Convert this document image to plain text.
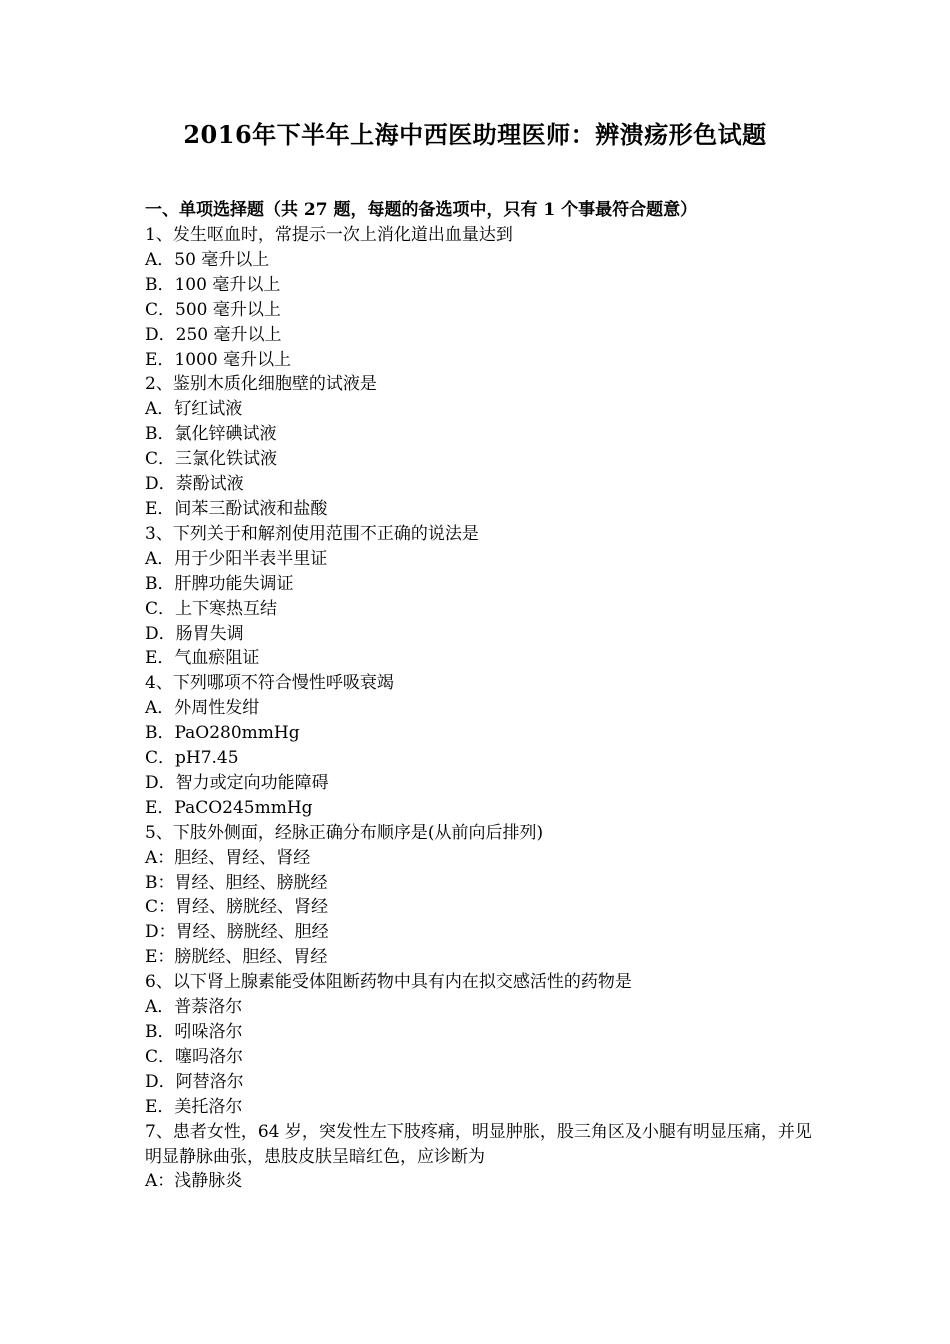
2016年下半年上海中西医助理医师：辨溃疡形色试题
一、单项选择题（共 27 题，每题的备选项中，只有 1 个事最符合题意）
1、发生呕血时，常提示一次上消化道出血量达到
A．50 毫升以上
B．100 毫升以上
C．500 毫升以上
D．250 毫升以上
E．1000 毫升以上
2、鉴别木质化细胞壁的试液是
A．钌红试液
B．氯化锌碘试液
C．三氯化铁试液
D．萘酚试液
E．间苯三酚试液和盐酸
3、下列关于和解剂使用范围不正确的说法是
A．用于少阳半表半里证
B．肝脾功能失调证
C．上下寒热互结
D．肠胃失调
E．气血瘀阻证
4、下列哪项不符合慢性呼吸衰竭
A．外周性发绀
B．PaO280mmHg
C．pH7.45
D．智力或定向功能障碍
E．PaCO245mmHg
5、下肢外侧面，经脉正确分布顺序是(从前向后排列)
A：胆经、胃经、肾经
B：胃经、胆经、膀胱经
C：胃经、膀胱经、肾经
D：胃经、膀胱经、胆经
E：膀胱经、胆经、胃经
6、以下肾上腺素能受体阻断药物中具有内在拟交感活性的药物是
A．普萘洛尔
B．吲哚洛尔
C．噻吗洛尔
D．阿替洛尔
E．美托洛尔
7、患者女性，64 岁，突发性左下肢疼痛，明显肿胀，股三角区及小腿有明显压痛，并见明显静脉曲张，患肢皮肤呈暗红色，应诊断为
A：浅静脉炎
